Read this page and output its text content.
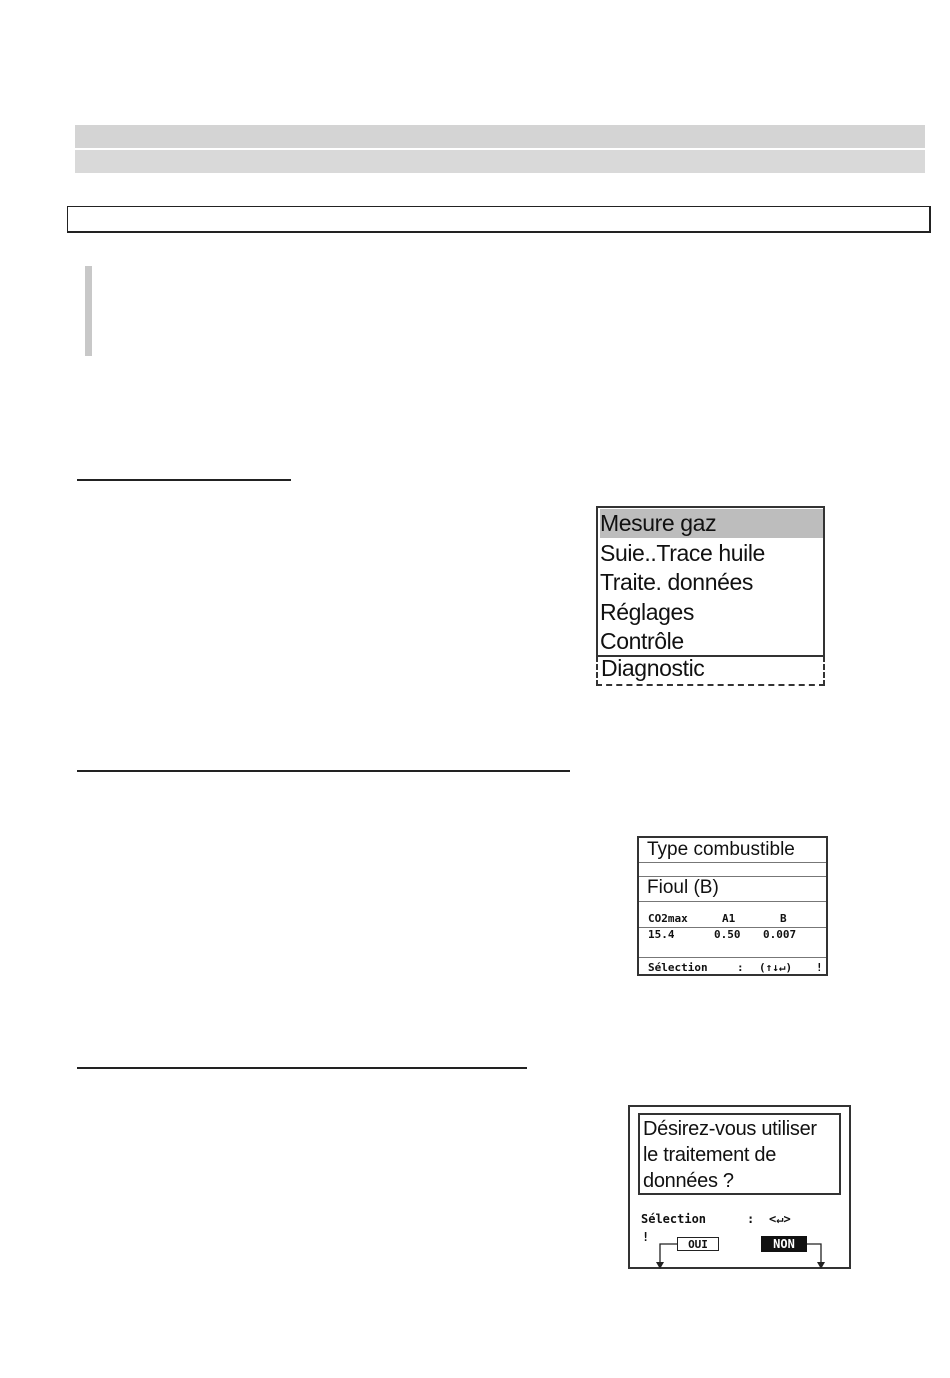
Mesure gaz
Suie..Trace huile
Traite. données
Réglages
Contrôle
Diagnostic
Type combustible
Fioul (B)
CO2max	A1	B
15.4	0.50 0.007
Sélection	: (↑↓↵) !
Désirez-vous utiliser
le traitement de
données ?
Sélection	: <↵>
!
OUI	NON
